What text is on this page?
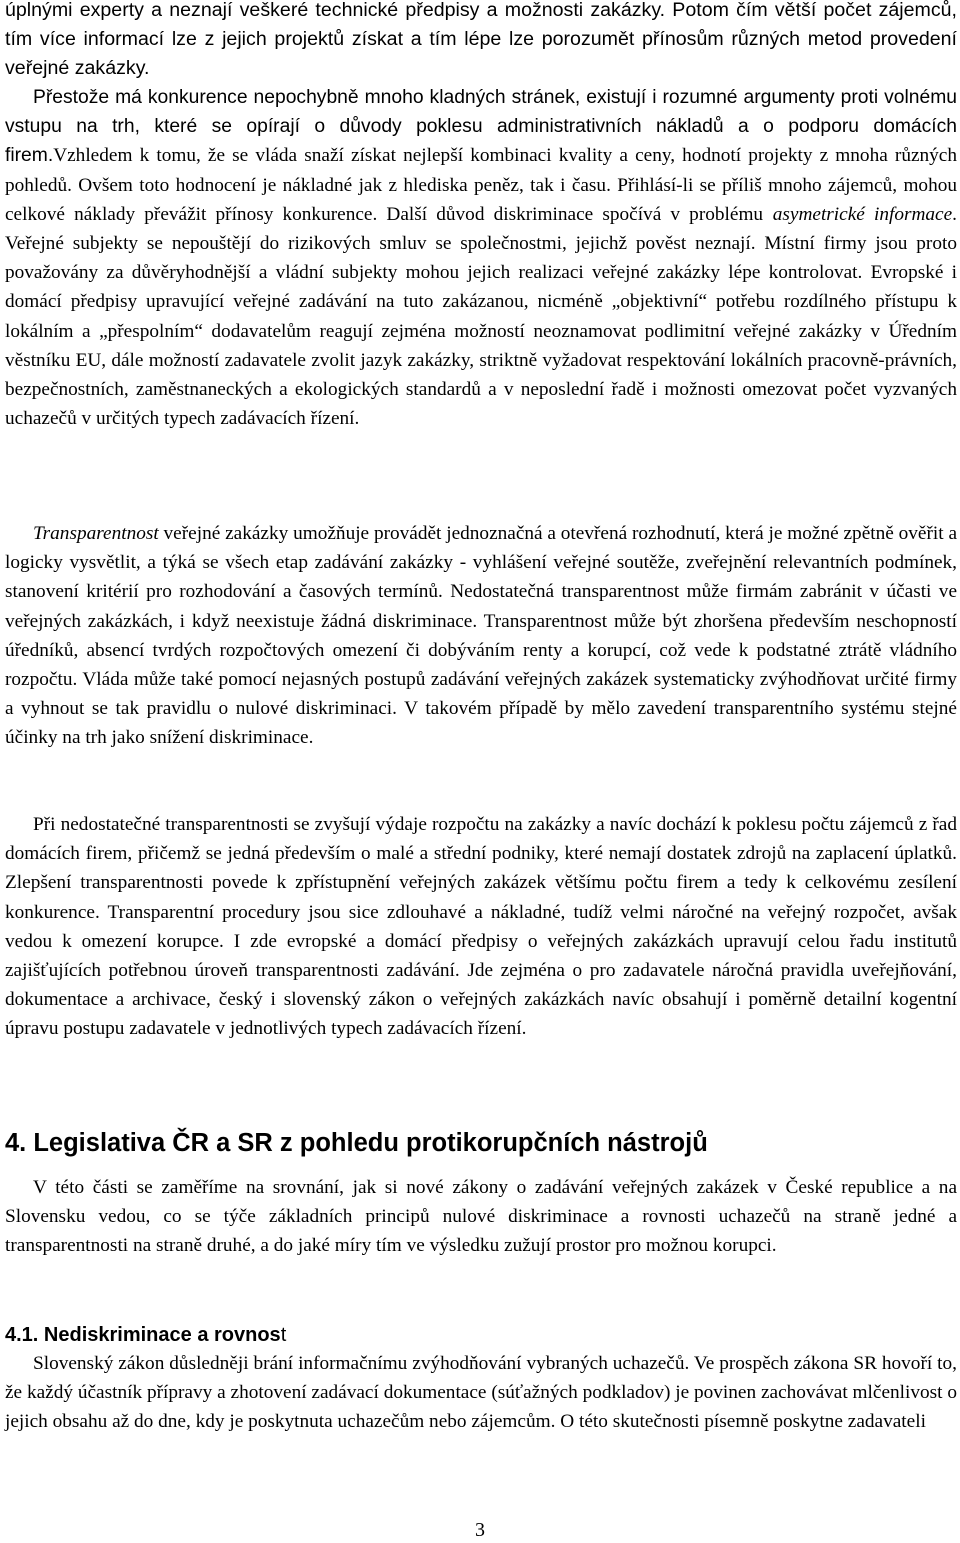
úplnými experty a neznají veškeré technické předpisy a možnosti zakázky. Potom čím větší počet zájemců, tím více informací lze z jejich projektů získat a tím lépe lze porozumět přínosům různých metod provedení veřejné zakázky.

Přestože má konkurence nepochybně mnoho kladných stránek, existují i rozumné argumenty proti volnému vstupu na trh, které se opírají o důvody poklesu administrativních nákladů a o podporu domácích firem.Vzhledem k tomu, že se vláda snaží získat nejlepší kombinaci kvality a ceny, hodnotí projekty z mnoha různých pohledů. Ovšem toto hodnocení je nákladné jak z hlediska peněz, tak i času. Přihlásí-li se příliš mnoho zájemců, mohou celkové náklady převážit přínosy konkurence. Další důvod diskriminace spočívá v problému asymetrické informace. Veřejné subjekty se nepouštějí do rizikových smluv se společnostmi, jejichž pověst neznají. Místní firmy jsou proto považovány za důvěryhodnější a vládní subjekty mohou jejich realizaci veřejné zakázky lépe kontrolovat. Evropské i domácí předpisy upravující veřejné zadávání na tuto zakázanou, nicméně „objektivní“ potřebu rozdílného přístupu k lokálním a „přespolním“ dodavatelům reagují zejména možností neoznamovat podlimitní veřejné zakázky v Úředním věstníku EU, dále možností zadavatele zvolit jazyk zakázky, striktně vyžadovat respektování lokálních pracovně-právních, bezpečnostních, zaměstnaneckých a ekologických standardů a v neposlední řadě i možnosti omezovat počet vyzvaných uchazečů v určitých typech zadávacích řízení.

Transparentnost veřejné zakázky umožňuje provádět jednoznačná a otevřená rozhodnutí, která je možné zpětně ověřit a logicky vysvětlit, a týká se všech etap zadávání zakázky - vyhlášení veřejné soutěže, zveřejnění relevantních podmínek, stanovení kritérií pro rozhodování a časových termínů. Nedostatečná transparentnost může firmám zabránit v účasti ve veřejných zakázkách, i když neexistuje žádná diskriminace. Transparentnost může být zhoršena především neschopností úředníků, absencí tvrdých rozpočtových omezení či dobýváním renty a korupcí, což vede k podstatné ztrátě vládního rozpočtu. Vláda může také pomocí nejasných postupů zadávání veřejných zakázek systematicky zvýhodňovat určité firmy a vyhnout se tak pravidlu o nulové diskriminaci. V takovém případě by mělo zavedení transparentního systému stejné účinky na trh jako snížení diskriminace.

Při nedostatečné transparentnosti se zvyšují výdaje rozpočtu na zakázky a navíc dochází k poklesu počtu zájemců z řad domácích firem, přičemž se jedná především o malé a střední podniky, které nemají dostatek zdrojů na zaplacení úplatků. Zlepšení transparentnosti povede k zpřístupnění veřejných zakázek většímu počtu firem a tedy k celkovému zesílení konkurence. Transparentní procedury jsou sice zdlouhavé a nákladné, tudíž velmi náročné na veřejný rozpočet, avšak vedou k omezení korupce. I zde evropské a domácí předpisy o veřejných zakázkách upravují celou řadu institutů zajišťujících potřebnou úroveň transparentnosti zadávání. Jde zejména o pro zadavatele náročná pravidla uveřejňování, dokumentace a archivace, český i slovenský zákon o veřejných zakázkách navíc obsahují i poměrně detailní kogentní úpravu postupu zadavatele v jednotlivých typech zadávacích řízení.

4. Legislativa ČR a SR z pohledu protikorupčních nástrojů

V této části se zaměříme na srovnání, jak si nové zákony o zadávání veřejných zakázek v České republice a na Slovensku vedou, co se týče základních principů nulové diskriminace a rovnosti uchazečů na straně jedné a transparentnosti na straně druhé, a do jaké míry tím ve výsledku zužují prostor pro možnou korupci.

4.1. Nediskriminace a rovnost

Slovenský zákon důsledněji brání informačnímu zvýhodňování vybraných uchazečů. Ve prospěch zákona SR hovoří to, že každý účastník přípravy a zhotovení zadávací dokumentace (súťažných podkladov) je povinen zachovávat mlčenlivost o jejich obsahu až do dne, kdy je poskytnuta uchazečům nebo zájemcům. O této skutečnosti písemně poskytne zadavateli

3
